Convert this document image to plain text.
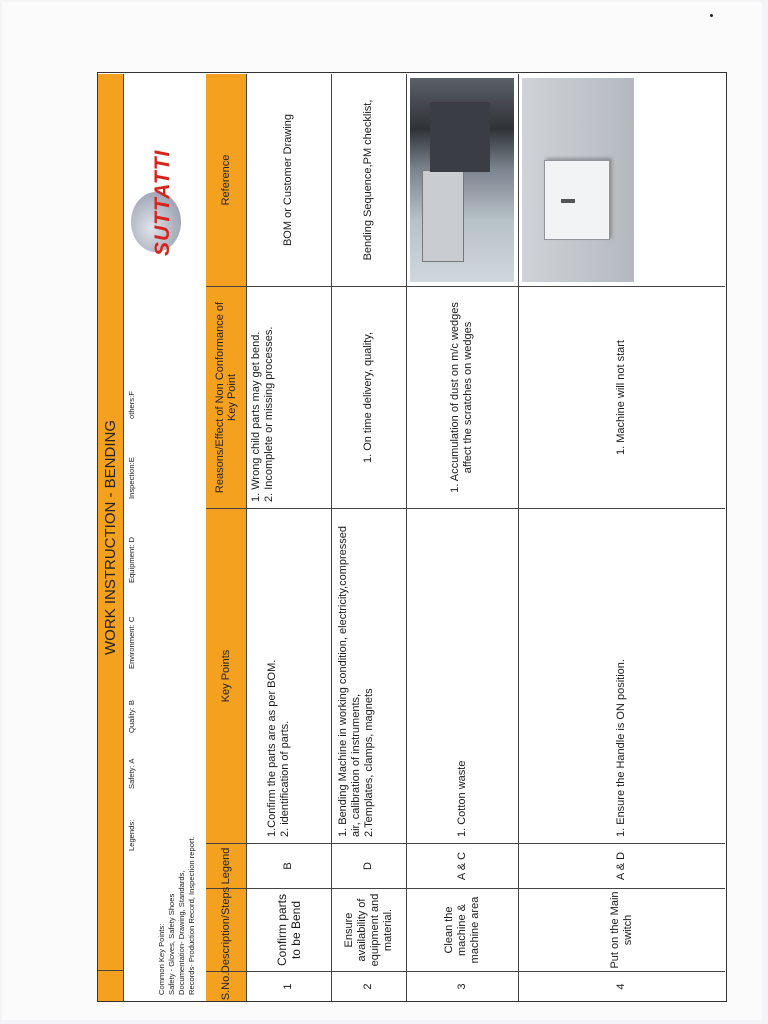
WORK INSTRUCTION - BENDING
Legends:
Safety: A
Quality: B
Environment: C
Equipment: D
Inspection:E
others:F
Common Key Points: Safety - Gloves, Safety Shoes Documentation- Drawing, Standards, Records- Production Record, Inspection report.
SUTTATTI
S.No.
Description/Steps
Legend
Key Points
Reasons/Effect of Non Conformance of Key Point
Reference
1
Confirm parts to be Bend
B
1.Confirm the parts are as per BOM. 2. identification of parts.
1. Wrong child parts may get bend. 2. Incomplete or missing processes.
BOM or Customer Drawing
2
Ensure availability of equipment and material.
D
1. Bending Machine in working condition, electricity,compressed air, calibration of instruments, 2.Templates, clamps, magnets
1. On time delivery, quality,
Bending Sequence,PM checklist,
3
Clean the machine & machine area
A & C
1. Cotton waste
1. Accumulation of dust on m/c wedges affect the scratches on wedges
4
Put on the Main switch
A & D
1. Ensure the Handle is ON position.
1. Machine will not start
